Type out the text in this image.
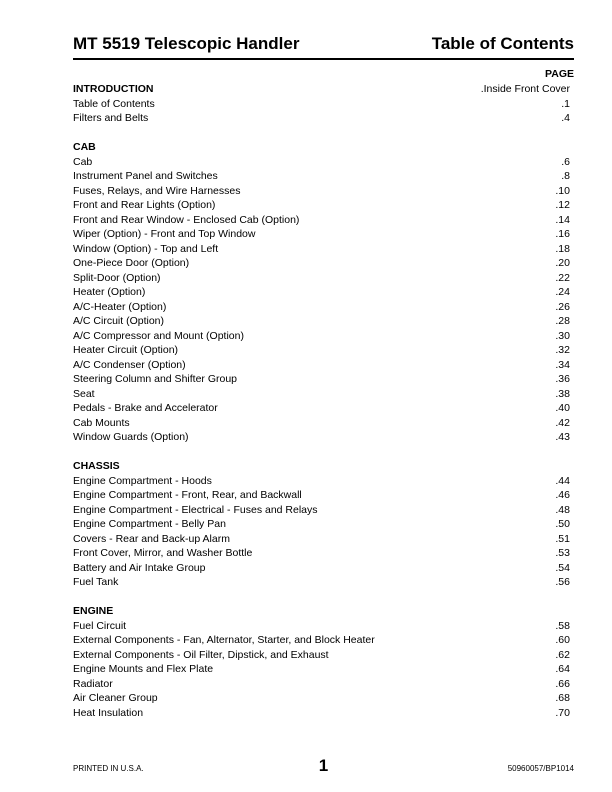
MT 5519 Telescopic Handler	Table of Contents
PAGE
INTRODUCTION	.Inside Front Cover
Table of Contents	.1
Filters and Belts	.4
CAB
Cab	.6
Instrument Panel and Switches	.8
Fuses, Relays, and Wire Harnesses	.10
Front and Rear Lights (Option)	.12
Front and Rear Window - Enclosed Cab (Option)	.14
Wiper (Option) - Front and Top Window	.16
Window (Option) - Top and Left	.18
One-Piece Door (Option)	.20
Split-Door (Option)	.22
Heater (Option)	.24
A/C-Heater (Option)	.26
A/C Circuit (Option)	.28
A/C Compressor and Mount (Option)	.30
Heater Circuit (Option)	.32
A/C Condenser (Option)	.34
Steering Column and Shifter Group	.36
Seat	.38
Pedals - Brake and Accelerator	.40
Cab Mounts	.42
Window Guards (Option)	.43
CHASSIS
Engine Compartment - Hoods	.44
Engine Compartment - Front, Rear, and Backwall	.46
Engine Compartment - Electrical - Fuses and Relays	.48
Engine Compartment - Belly Pan	.50
Covers - Rear and Back-up Alarm	.51
Front Cover, Mirror, and Washer Bottle	.53
Battery and Air Intake Group	.54
Fuel Tank	.56
ENGINE
Fuel Circuit	.58
External Components - Fan, Alternator, Starter, and Block Heater	.60
External Components - Oil Filter, Dipstick, and Exhaust	.62
Engine Mounts and Flex Plate	.64
Radiator	.66
Air Cleaner Group	.68
Heat Insulation	.70
PRINTED IN U.S.A.	1	50960057/BP1014
